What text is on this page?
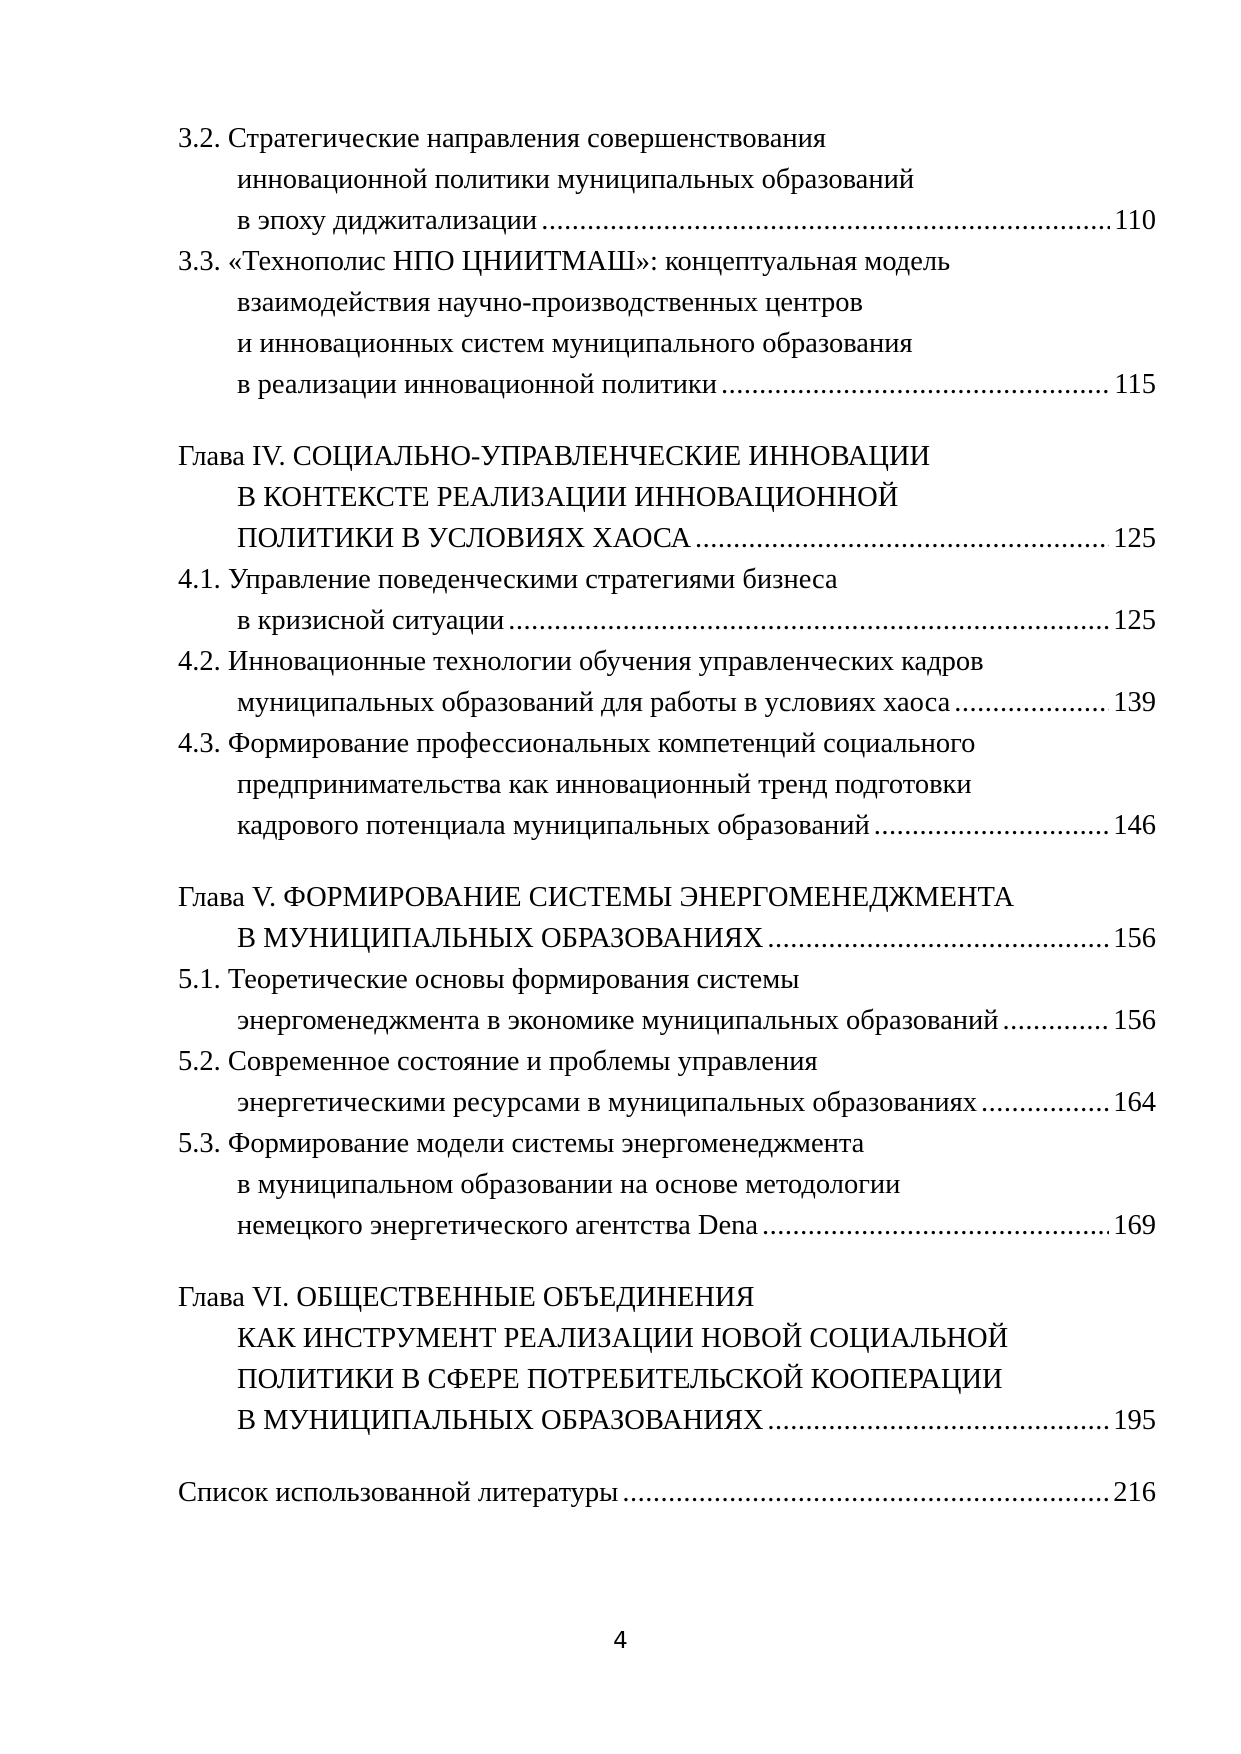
3.2. Стратегические направления совершенствования
инновационной политики муниципальных образований
в эпоху диджитализации .....	110
3.3. «Технополис НПО ЦНИИТМАШ»: концептуальная модель
взаимодействия научно-производственных центров
и инновационных систем муниципального образования
в реализации инновационной политики .....	115
Глава IV. СОЦИАЛЬНО-УПРАВЛЕНЧЕСКИЕ ИННОВАЦИИ
В КОНТЕКСТЕ РЕАЛИЗАЦИИ ИННОВАЦИОННОЙ
ПОЛИТИКИ В УСЛОВИЯХ ХАОСА .....	125
4.1. Управление поведенческими стратегиями бизнеса
в кризисной ситуации .....	125
4.2. Инновационные технологии обучения управленческих кадров
муниципальных образований для работы в условиях хаоса .....	139
4.3. Формирование профессиональных компетенций социального
предпринимательства как инновационный тренд подготовки
кадрового потенциала муниципальных образований .....	146
Глава V. ФОРМИРОВАНИЕ СИСТЕМЫ ЭНЕРГОМЕНЕДЖМЕНТА
В МУНИЦИПАЛЬНЫХ ОБРАЗОВАНИЯХ .....	156
5.1. Теоретические основы формирования системы
энергоменеджмента в экономике муниципальных образований .....	156
5.2. Современное состояние и проблемы управления
энергетическими ресурсами в муниципальных образованиях .....	164
5.3. Формирование модели системы энергоменеджмента
в муниципальном образовании на основе методологии
немецкого энергетического агентства Dena .....	169
Глава VI. ОБЩЕСТВЕННЫЕ ОБЪЕДИНЕНИЯ
КАК ИНСТРУМЕНТ РЕАЛИЗАЦИИ НОВОЙ СОЦИАЛЬНОЙ
ПОЛИТИКИ В СФЕРЕ ПОТРЕБИТЕЛЬСКОЙ КООПЕРАЦИИ
В МУНИЦИПАЛЬНЫХ ОБРАЗОВАНИЯХ .....	195
Список использованной литературы .....	216
4
